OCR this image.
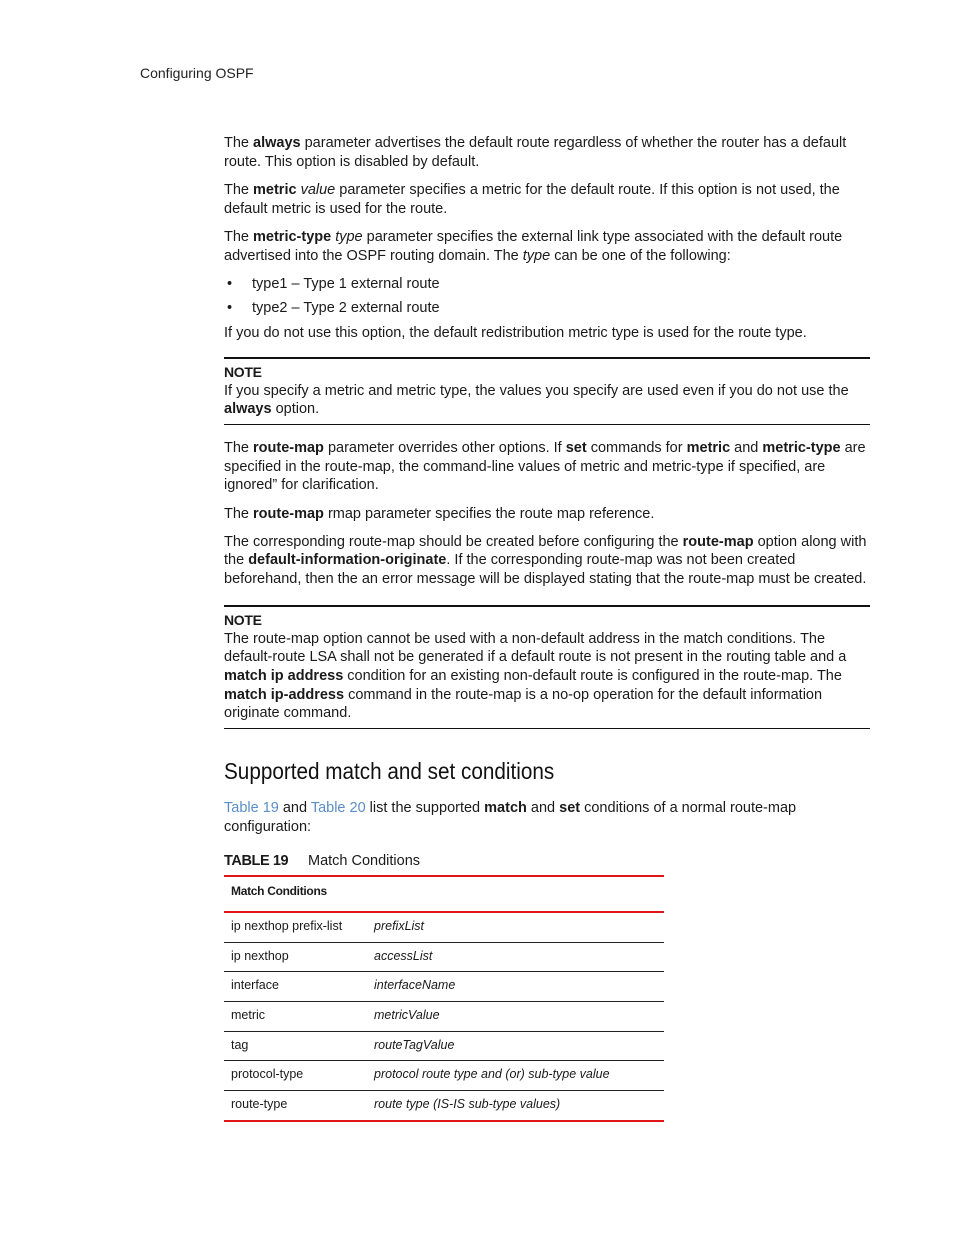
Configuring OSPF

The always parameter advertises the default route regardless of whether the router has a default route. This option is disabled by default.

The metric value parameter specifies a metric for the default route. If this option is not used, the default metric is used for the route.

The metric-type type parameter specifies the external link type associated with the default route advertised into the OSPF routing domain. The type can be one of the following:

• type1 – Type 1 external route
• type2 – Type 2 external route

If you do not use this option, the default redistribution metric type is used for the route type.

NOTE
If you specify a metric and metric type, the values you specify are used even if you do not use the always option.

The route-map parameter overrides other options. If set commands for metric and metric-type are specified in the route-map, the command-line values of metric and metric-type if specified, are ignored” for clarification.

The route-map rmap parameter specifies the route map reference.

The corresponding route-map should be created before configuring the route-map option along with the default-information-originate. If the corresponding route-map was not been created beforehand, then the an error message will be displayed stating that the route-map must be created.

NOTE
The route-map option cannot be used with a non-default address in the match conditions. The default-route LSA shall not be generated if a default route is not present in the routing table and a match ip address condition for an existing non-default route is configured in the route-map. The match ip-address command in the route-map is a no-op operation for the default information originate command.
Supported match and set conditions

Table 19 and Table 20 list the supported match and set conditions of a normal route-map configuration:

TABLE 19 Match Conditions
Match Conditions	
ip nexthop prefix-list	prefixList
ip nexthop	accessList
interface	interfaceName
metric	metricValue
tag	routeTagValue
protocol-type	protocol route type and (or) sub-type value
route-type	route type (IS-IS sub-type values)
